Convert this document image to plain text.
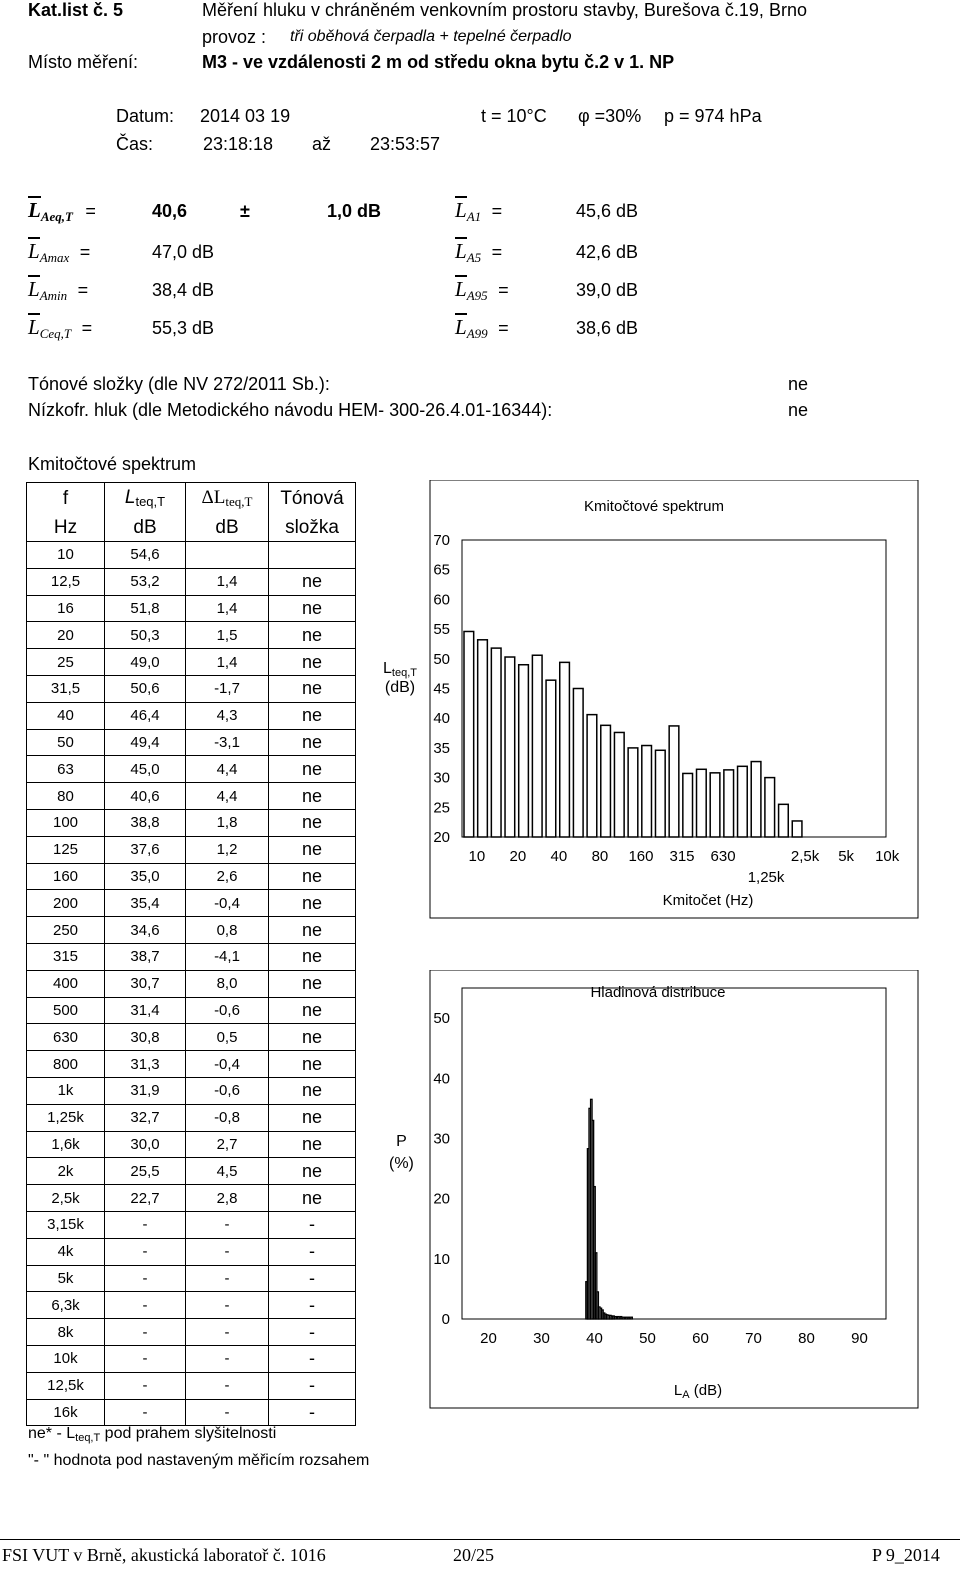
Kat.list č. 5	Měření hluku v chráněném venkovním prostoru stavby, Burešova č.19, Brno
provoz : tři oběhová čerpadla + tepelné čerpadlo
Místo měření:	M3 - ve vzdálenosti 2 m od středu okna bytu č.2 v 1. NP
Datum: 2014 03 19
Čas:	23:18:18 až 23:53:57
t = 10°C φ =30% p = 974 hPa
$L_{Aeq,T}$ =	40,6	±	1,0 dB
$L_{Amax}$ =	47,0 dB
$L_{Amin}$ =	38,4 dB
$L_{Ceq,T}$ =	55,3 dB
$L_{A1}$ =	45,6 dB
$L_{A5}$ =	42,6 dB
$L_{A95}$ =	39,0 dB
$L_{A99}$ =	38,6 dB
Tónové složky (dle NV 272/2011 Sb.):	ne
Nízkofr. hluk (dle Metodického návodu HEM- 300-26.4.01-16344):	ne
Kmitočtové spektrum
f	Lteq,T	ΔLteq,T	Tónová
Hz	dB	dB	složka
10	54,6		
12,5	53,2	1,4	ne
16	51,8	1,4	ne
20	50,3	1,5	ne
25	49,0	1,4	ne
31,5	50,6	-1,7	ne
40	46,4	4,3	ne
50	49,4	-3,1	ne
63	45,0	4,4	ne
80	40,6	4,4	ne
100	38,8	1,8	ne
125	37,6	1,2	ne
160	35,0	2,6	ne
200	35,4	-0,4	ne
250	34,6	0,8	ne
315	38,7	-4,1	ne
400	30,7	8,0	ne
500	31,4	-0,6	ne
630	30,8	0,5	ne
800	31,3	-0,4	ne
1k	31,9	-0,6	ne
1,25k	32,7	-0,8	ne
1,6k	30,0	2,7	ne
2k	25,5	4,5	ne
2,5k	22,7	2,8	ne
3,15k	-	-	-
4k	-	-	-
5k	-	-	-
6,3k	-	-	-
8k	-	-	-
10k	-	-	-
12,5k	-	-	-
16k	-	-	-
ne* - Lteq,T pod prahem slyšitelnosti
"- " hodnota pod nastaveným měřicím rozsahem
Lteq,T
(dB)
Kmitočtové spektrum
70
65
60
55
50
45
40
35
30
25
20
10 20 40 80 160 315 630	2,5k 5k 10k
1,25k
Kmitočet (Hz)
P
(%)
Hladinová distribuce
50
40
30
20
10
0
20 30 40 50 60 70 80 90
$L_A$ (dB)
FSI VUT v Brně, akustická laboratoř č. 1016	20/25	P 9_2014
